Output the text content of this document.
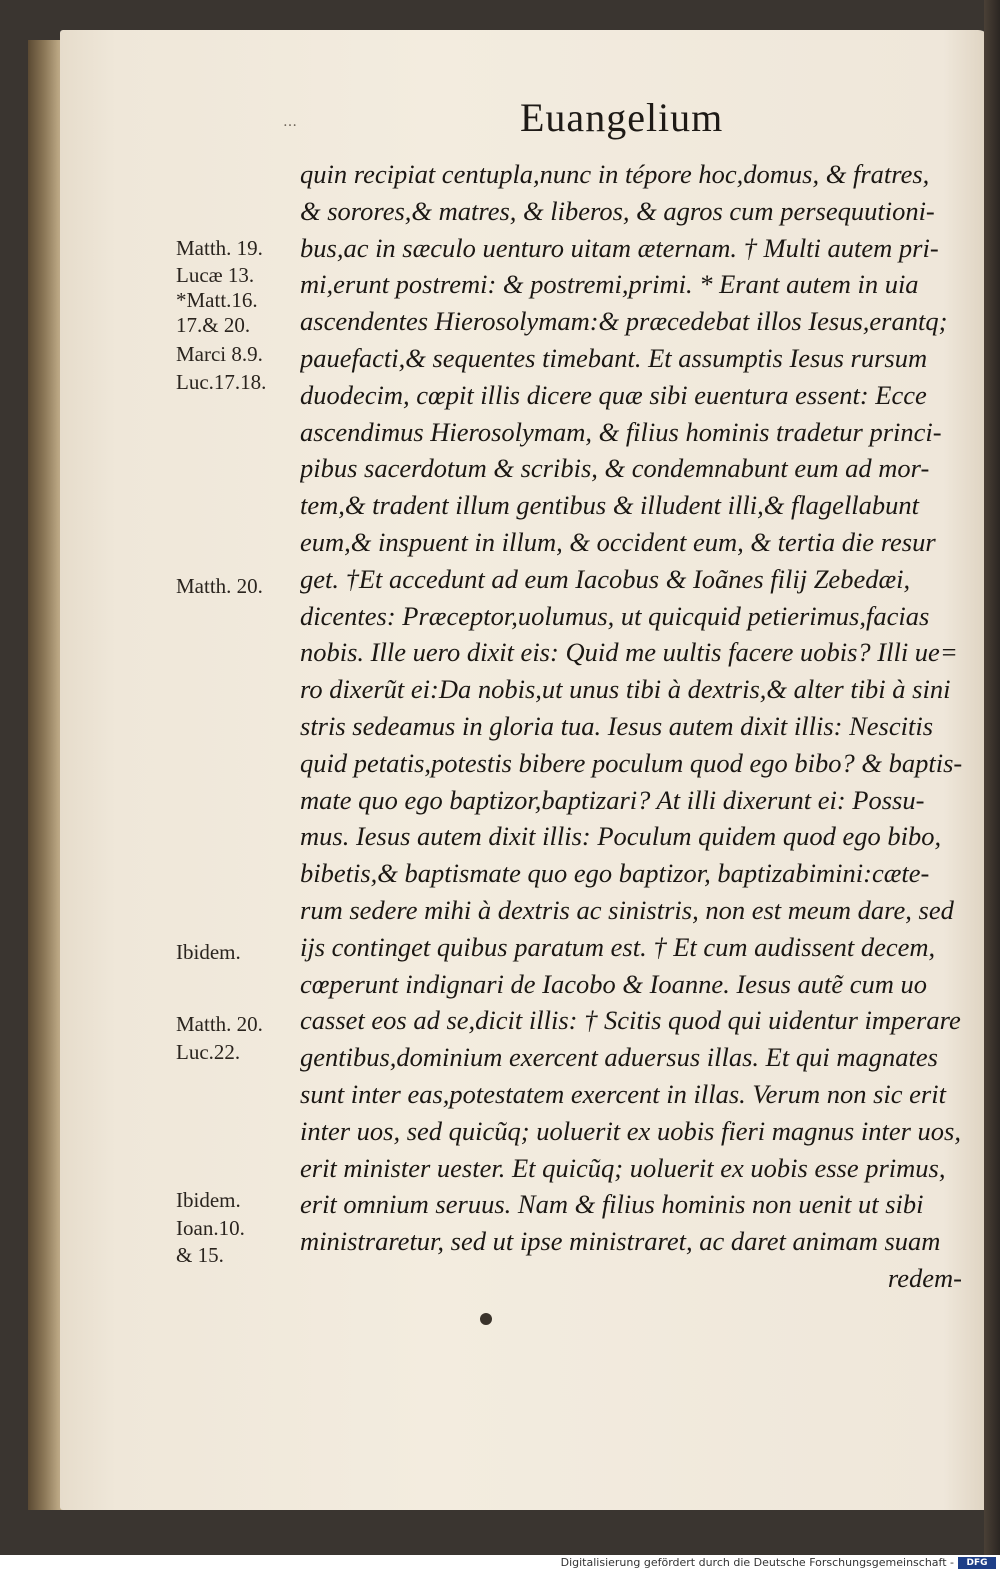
…	Euangelium
quin recipiat centupla,nunc in tépore hoc,domus, & fratres,
& sorores,& matres, & liberos, & agros cum persequutioni-
bus,ac in sæculo uenturo uitam æternam. † Multi autem pri-
mi,erunt postremi: & postremi,primi. * Erant autem in uia
ascendentes Hierosolymam:& præcedebat illos Iesus,erantq;
pauefacti,& sequentes timebant. Et assumptis Iesus rursum
duodecim, cœpit illis dicere quæ sibi euentura essent: Ecce
ascendimus Hierosolymam, & filius hominis tradetur princi-
pibus sacerdotum & scribis, & condemnabunt eum ad mor-
tem,& tradent illum gentibus & illudent illi,& flagellabunt
eum,& inspuent in illum, & occident eum, & tertia die resur
get. †Et accedunt ad eum Iacobus & Ioãnes filij Zebedæi,
dicentes: Præceptor,uolumus, ut quicquid petierimus,facias
nobis. Ille uero dixit eis: Quid me uultis facere uobis? Illi ue=
ro dixerũt ei:Da nobis,ut unus tibi à dextris,& alter tibi à sini
stris sedeamus in gloria tua. Iesus autem dixit illis: Nescitis
quid petatis,potestis bibere poculum quod ego bibo? & baptis-
mate quo ego baptizor,baptizari? At illi dixerunt ei: Possu-
mus. Iesus autem dixit illis: Poculum quidem quod ego bibo,
bibetis,& baptismate quo ego baptizor, baptizabimini:cæte-
rum sedere mihi à dextris ac sinistris, non est meum dare, sed
ijs continget quibus paratum est. † Et cum audissent decem,
cœperunt indignari de Iacobo & Ioanne. Iesus autẽ cum uo
casset eos ad se,dicit illis: † Scitis quod qui uidentur imperare
gentibus,dominium exercent aduersus illas. Et qui magnates
sunt inter eas,potestatem exercent in illas. Verum non sic erit
inter uos, sed quicũq; uoluerit ex uobis fieri magnus inter uos,
erit minister uester. Et quicũq; uoluerit ex uobis esse primus,
erit omnium seruus. Nam & filius hominis non uenit ut sibi
ministraretur, sed ut ipse ministraret, ac daret animam suam
redem-
Matth. 19.
Lucæ 13.
*Matt.16.
17.& 20.
Marci 8.9.
Luc.17.18.
Matth. 20.
Ibidem.
Matth. 20.
Luc.22.
Ibidem.
Ioan.10.
& 15.
Digitalisierung gefördert durch die Deutsche Forschungsgemeinschaft -	DFG
